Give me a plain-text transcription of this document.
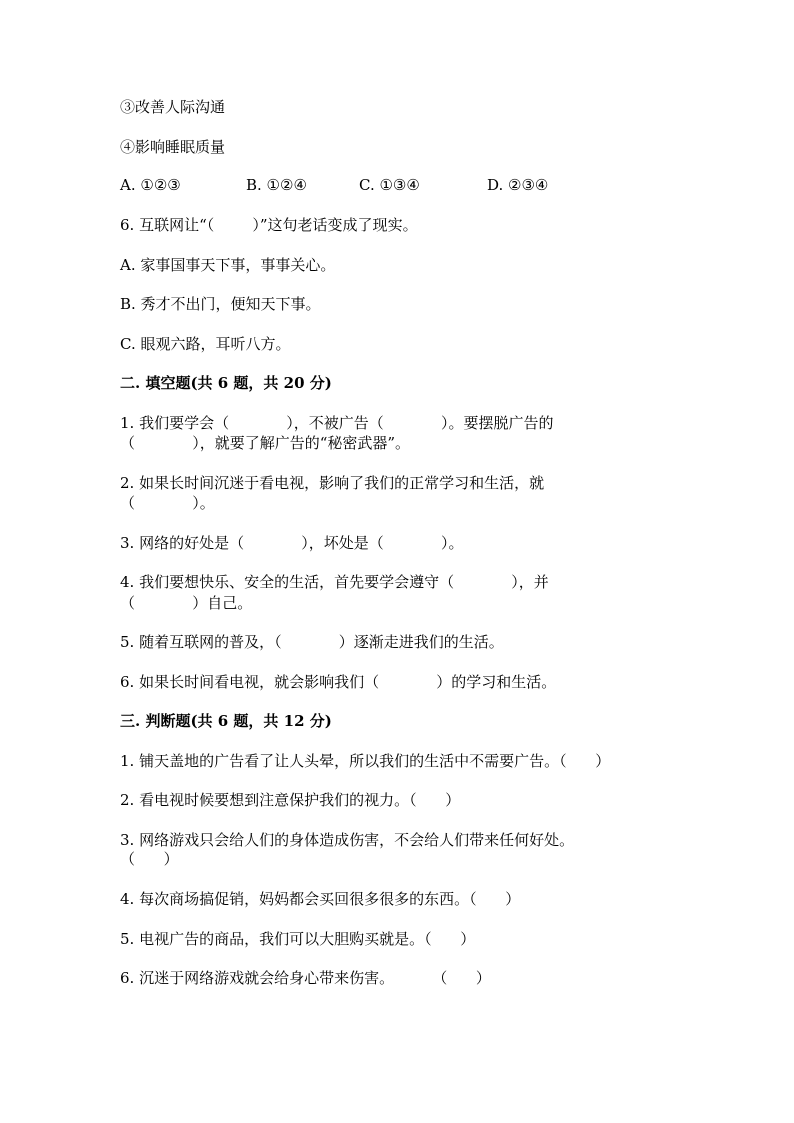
③改善人际沟通
④影响睡眠质量
A. ①②③	B. ①②④	C. ①③④	D. ②③④
6. 互联网让“（        ）”这句老话变成了现实。
A. 家事国事天下事，事事关心。
B. 秀才不出门，便知天下事。
C. 眼观六路，耳听八方。
二. 填空题(共 6 题，共 20 分)
1. 我们要学会（            ），不被广告（            ）。要摆脱广告的
（            ），就要了解广告的“秘密武器”。
2. 如果长时间沉迷于看电视，影响了我们的正常学习和生活，就
（            ）。
3. 网络的好处是（            ），坏处是（            ）。
4. 我们要想快乐、安全的生活，首先要学会遵守（            ），并
（            ）自己。
5. 随着互联网的普及，（            ）逐渐走进我们的生活。
6. 如果长时间看电视，就会影响我们（            ）的学习和生活。
三. 判断题(共 6 题，共 12 分)
1. 铺天盖地的广告看了让人头晕，所以我们的生活中不需要广告。（      ）
2. 看电视时候要想到注意保护我们的视力。（      ）
3. 网络游戏只会给人们的身体造成伤害，不会给人们带来任何好处。
（      ）
4. 每次商场搞促销，妈妈都会买回很多很多的东西。（      ）
5. 电视广告的商品，我们可以大胆购买就是。（      ）
6. 沉迷于网络游戏就会给身心带来伤害。        （      ）
